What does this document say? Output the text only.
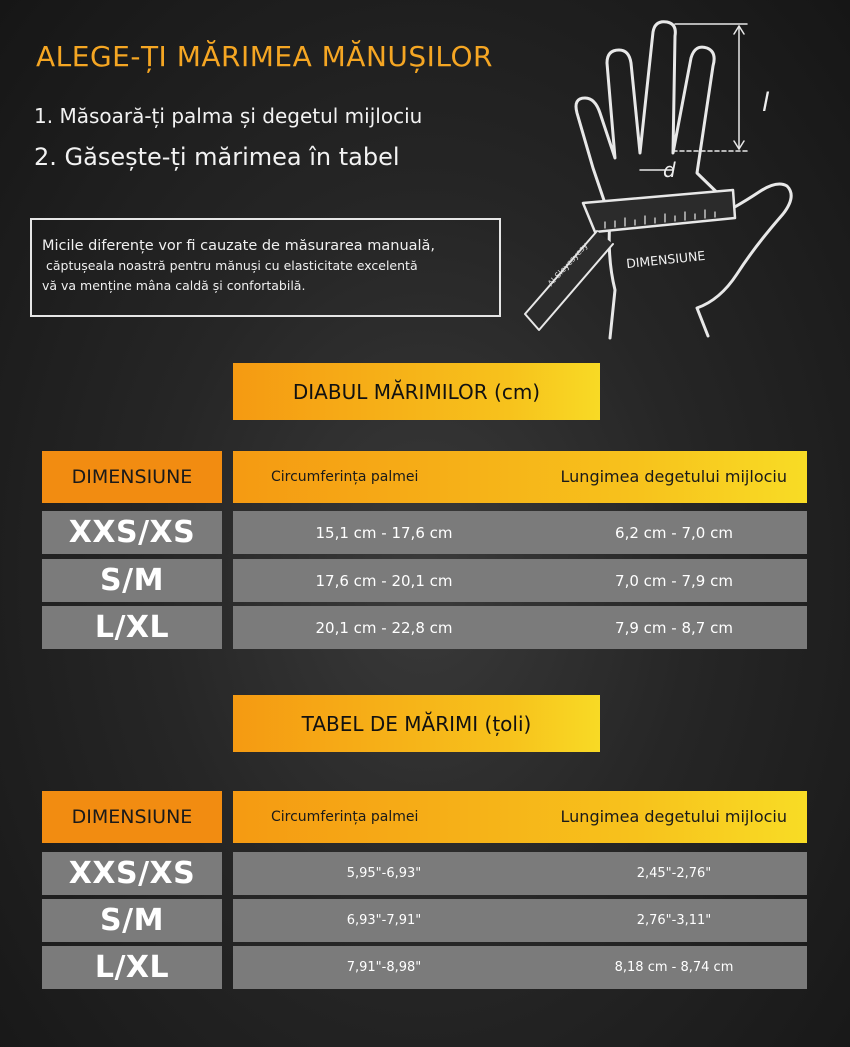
ALEGE-ȚI MĂRIMEA MĂNUȘILOR
1. Măsoară-ți palma și degetul mijlociu
2. Găsește-ți mărimea în tabel
Micile diferențe vor fi cauzate de măsurarea manuală,
căptușeala noastră pentru mănuși cu elasticitate excelentă
vă va menține mâna caldă și confortabilă.
l
d
DIMENSIUNE
Al-Sleyesyesy
DIABUL MĂRIMILOR (cm)
DIMENSIUNE	Circumferința palmei	Lungimea degetului mijlociu
XXS/XS	15,1 cm - 17,6 cm	6,2 cm - 7,0 cm
S/M	17,6 cm - 20,1 cm	7,0 cm - 7,9 cm
L/XL	20,1 cm - 22,8 cm	7,9 cm - 8,7 cm
TABEL DE MĂRIMI (țoli)
DIMENSIUNE	Circumferința palmei	Lungimea degetului mijlociu
XXS/XS	5,95"-6,93"	2,45"-2,76"
S/M	6,93"-7,91"	2,76"-3,11"
L/XL	7,91"-8,98"	8,18 cm - 8,74 cm
